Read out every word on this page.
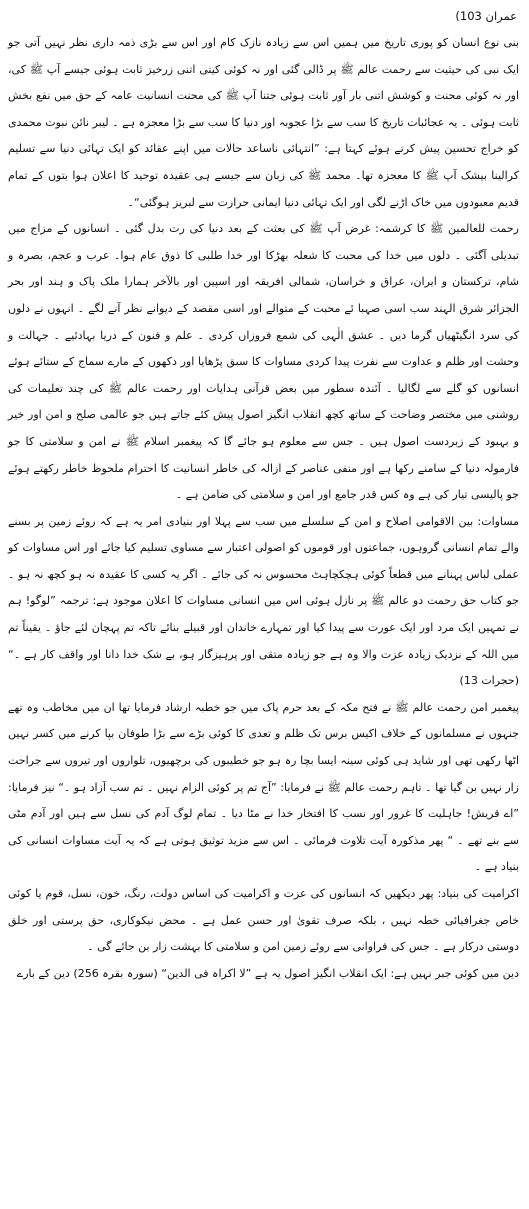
عمران 103)

بنی نوع انسان کو پوری تاریخ میں ہمیں اس سے زیادہ نازک کام اور اس سے بڑی ذمہ داری نظر نہیں آتی جو ایک نبی کی حیثیت سے رحمت عالم ﷺ پر ڈالی گئی اور نہ کوئی کیتی اتنی زرخیز ثابت ہوئی جیسے آپ ﷺ کی، اور نہ کوئی محنت و کوشش اتنی بار آور ثابت ہوئی جتنا آپ ﷺ کی محنت انسانیت عامہ کے حق میں نفع بخش ثابت ہوئی ۔ یہ عجائبات تاریخ کا سب سے بڑا عجوبہ اور دنیا کا سب سے بڑا معجزہ ہے ۔ لیبر نائن نبوت محمدی کو خراج تحسین پیش کرتے ہوئے کہتا ہے: ”انتہائی ناساعد حالات میں اپنے عقائد کو ایک تہائی دنیا سے تسلیم کرالینا بیشک آپ ﷺ کا معجزہ تھا۔ محمد ﷺ کی زبان سے جیسے ہی عقیدہ توحید کا اعلان ہوا بتوں کے تمام قدیم معبودوں میں خاک اڑنے لگی اور ایک تہائی دنیا ایمانی حرارت سے لبریز ہوگئی“۔

رحمت للعالمین ﷺ کا کرشمہ: غرض آپ ﷺ کی بعثت کے بعد دنیا کی رت بدل گئی ۔ انسانوں کے مزاج میں تبدیلی آگئی ۔ دلوں میں خدا کی محبت کا شعلہ بھڑکا اور خدا طلبی کا ذوق عام ہوا۔ عرب و عجم، بصرہ و شام، ترکستان و ایران، عراق و خراسان، شمالی افریقہ اور اسپین اور بالآخر ہمارا ملک پاک و ہند اور بحر الجزائر شرق الہند سب اسی صہبا ئے محبت کے متوالے اور اسی مقصد کے دیوانے نظر آنے لگے ۔ انہوں نے دلوں کی سرد انگیٹھیاں گرما دیں ۔ عشق الٰہی کی شمع فروزاں کردی ۔ علم و فنون کے دریا بہادئیے ۔ جہالت و وحشت اور ظلم و عداوت سے نفرت پیدا کردی مساوات کا سبق پڑھایا اور دکھوں کے مارے سماج کے ستائے ہوئے انسانوں کو گلے سے لگالیا ۔ آئندہ سطور میں بعض قرآنی ہدایات اور رحمت عالم ﷺ کی چند تعلیمات کی روشنی میں مختصر وضاحت کے ساتھ کچھ انقلاب انگیز اصول پیش کئے جاتے ہیں جو عالمی صلح و امن اور خیر و بہبود کے زبردست اصول ہیں ۔ جس سے معلوم ہو جائے گا کہ پیغمبر اسلام ﷺ نے امن و سلامتی کا جو فارمولہ دنیا کے سامنے رکھا ہے اور منفی عناصر کے ازالہ کی خاطر انسانیت کا احترام ملحوظ خاطر رکھتے ہوئے جو پالیسی تیار کی ہے وہ کس قدر جامع اور امن و سلامتی کی ضامن ہے ۔

مساوات: بین الاقوامی اصلاح و امن کے سلسلے میں سب سے پہلا اور بنیادی امر یہ ہے کہ روئے زمین پر بسنے والے تمام انسانی گروہوں، جماعتوں اور قوموں کو اصولی اعتبار سے مساوی تسلیم کیا جائے اور اس مساوات کو عملی لباس پہنانے میں قطعاً کوئی ہچکچاہٹ محسوس نہ کی جائے ۔ اگر یہ کسی کا عقیدہ نہ ہو کچھ نہ ہو ۔ جو کتاب حق رحمت دو عالم ﷺ پر نازل ہوئی اس میں انسانی مساوات کا اعلان موجود ہے: ترجمہ ”لوگو! ہم نے تمہیں ایک مرد اور ایک عورت سے پیدا کیا اور تمہارے خاندان اور قبیلے بنائے تاکہ تم پہچان لئے جاؤ ۔ یقیناً تم میں اللہ کے نزدیک زیادہ عزت والا وہ ہے جو زیادہ متقی اور پرہیزگار ہو، بے شک خدا دانا اور واقف کار ہے ۔“ (حجرات 13)

پیغمبر امن رحمت عالم ﷺ نے فتح مکہ کے بعد حرم پاک میں جو خطبہ ارشاد فرمایا تھا ان میں مخاطب وہ تھے جنہوں نے مسلمانوں کے خلاف اکیس برس تک ظلم و تعدی کا کوئی بڑے سے بڑا طوفان بپا کرنے میں کسر نہیں اٹھا رکھی تھی اور شاید ہی کوئی سینہ ایسا بچا رہ ہو جو خطیبوں کی برچھیوں، تلواروں اور تیروں سے جراحت زار نہیں بن گیا تھا ۔ تاہم رحمت عالم ﷺ نے فرمایا: ”آج تم پر کوئی الزام نہیں ۔ تم سب آزاد ہو ۔“ نیز فرمایا: ”اے قریش! جاہلیت کا غرور اور نسب کا افتخار خدا نے مٹا دیا ۔ تمام لوگ آدم کی نسل سے ہیں اور آدم مٹی سے بنے تھے ۔ “ پھر مذکورہ آیت تلاوت فرمائی ۔ اس سے مزید توثیق ہوتی ہے کہ یہ آیت مساوات انسانی کی بنیاد ہے ۔

اکرامیت کی بنیاد: پھر دیکھیں کہ انسانوں کی عزت و اکرامیت کی اساس دولت، رنگ، خون، نسل، قوم یا کوئی خاص جغرافیائی خطہ نہیں ، بلکہ صرف تقویٰ اور حسن عمل ہے ۔ محض نیکوکاری، حق پرستی اور خلق دوستی درکار ہے ۔ جس کی فراوانی سے روئے زمین امن و سلامتی کا بہشت زار بن جائے گی ۔

دین میں کوئی جبر نہیں ہے: ایک انقلاب انگیز اصول یہ ہے ”لا اکراہ فی الدین“ (سورہ بقرہ 256) دین کے بارے
